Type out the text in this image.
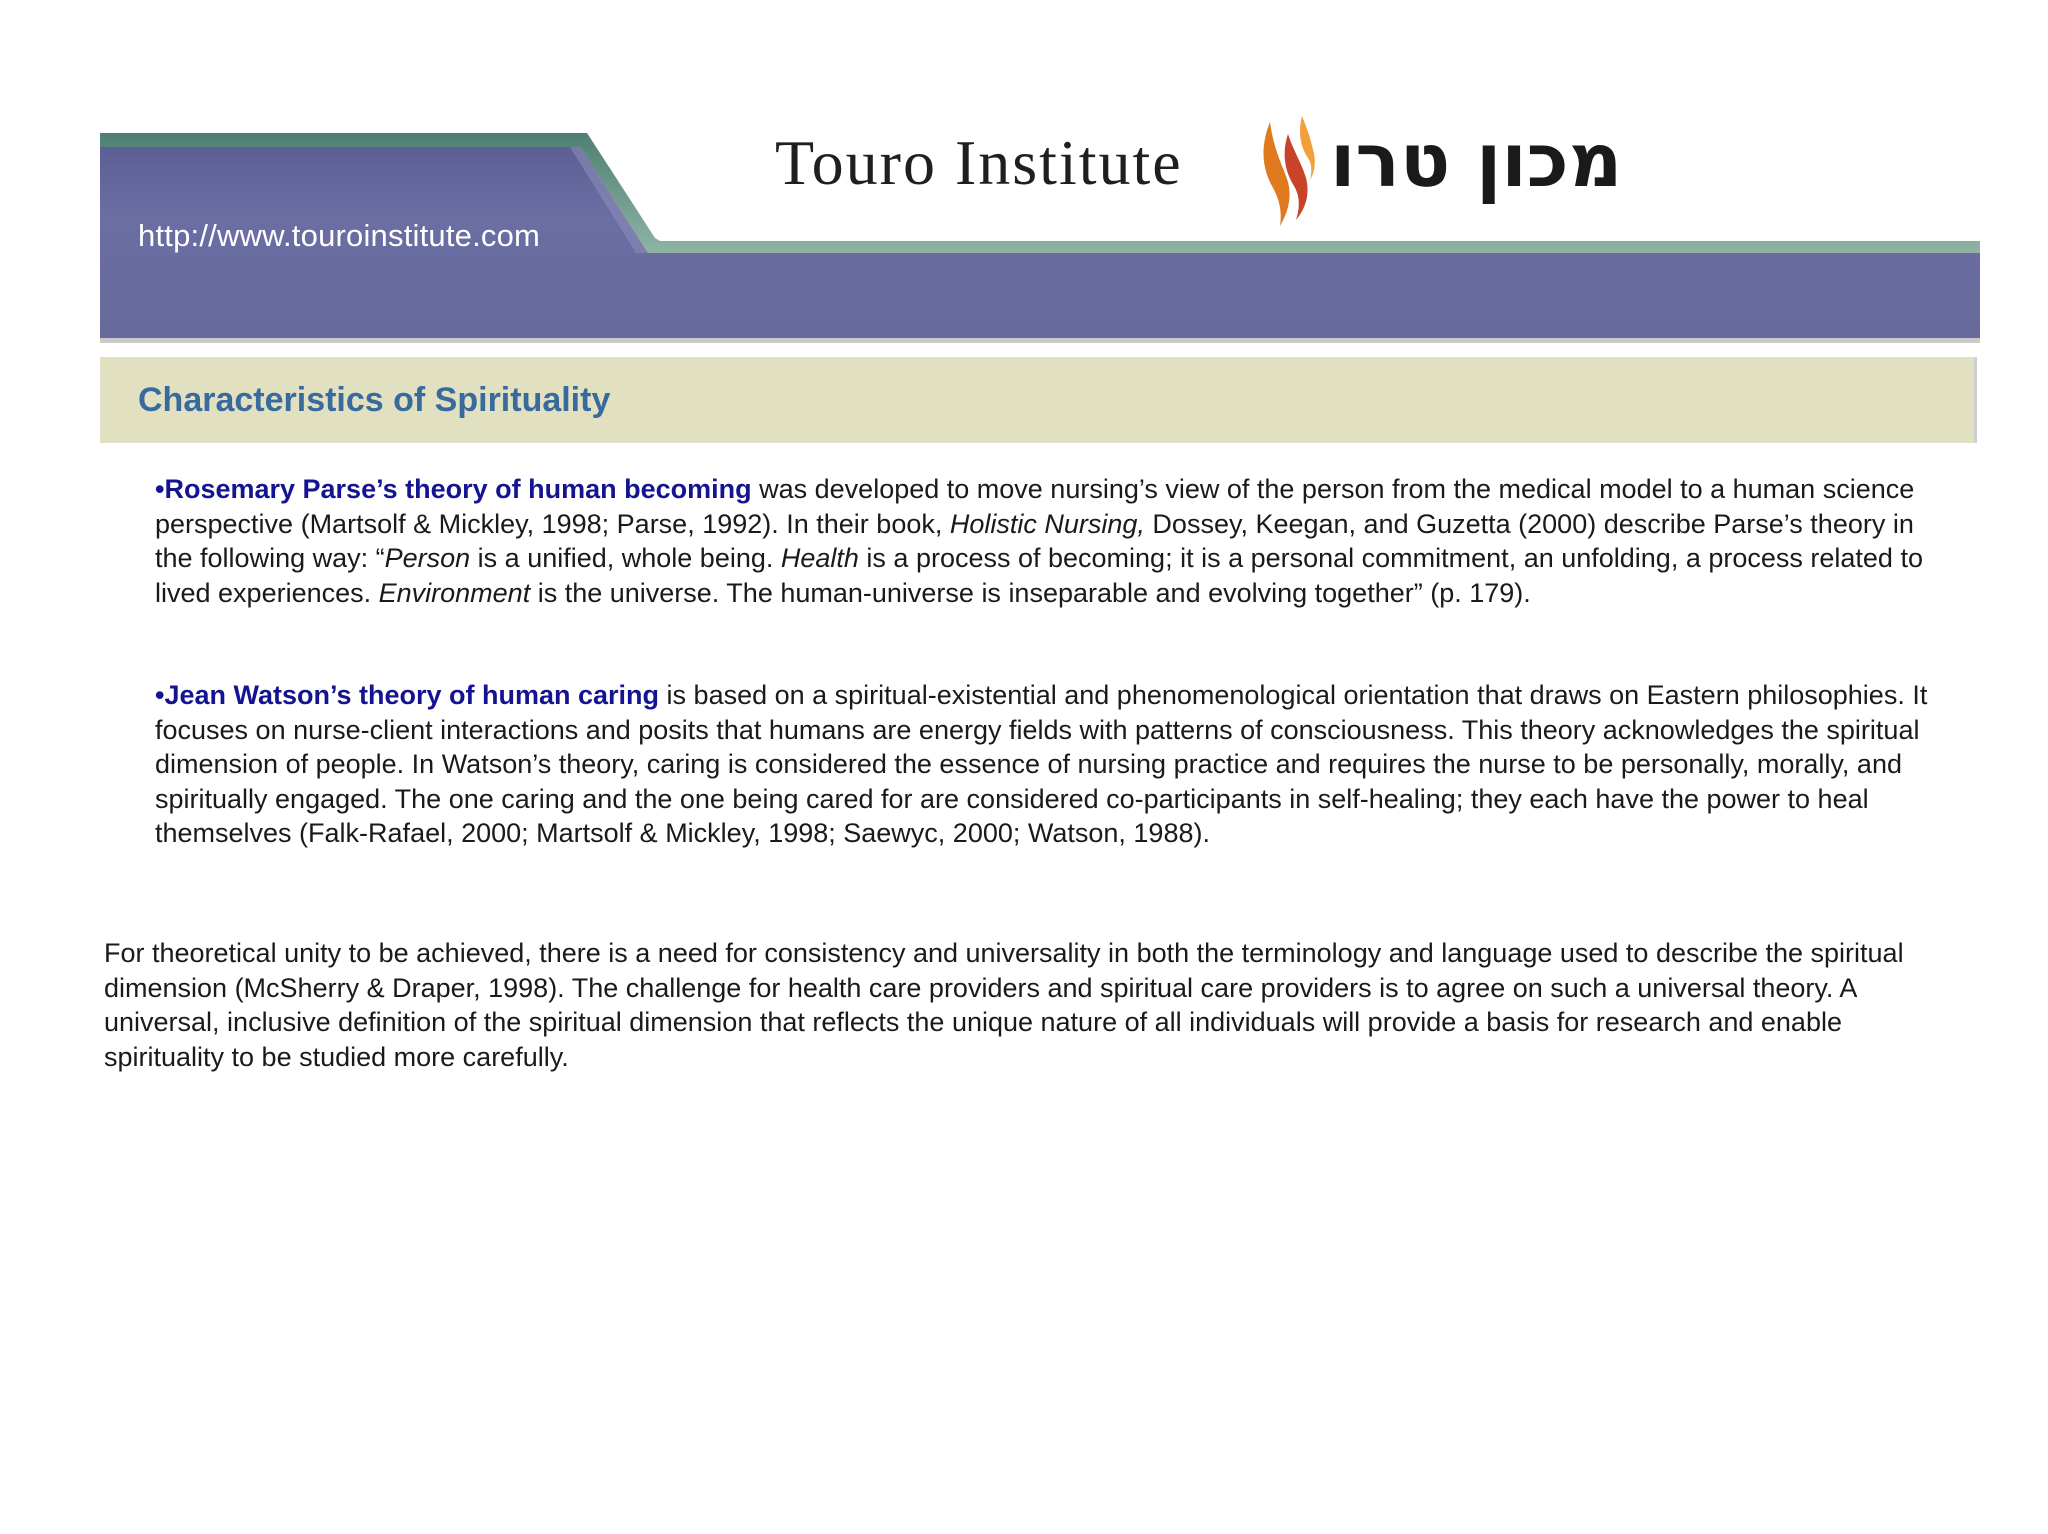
http://www.touroinstitute.com
Touro Institute מכון טרו
Characteristics of Spirituality
•Rosemary Parse’s theory of human becoming was developed to move nursing’s view of the person from the medical model to a human science perspective (Martsolf & Mickley, 1998; Parse, 1992). In their book, Holistic Nursing, Dossey, Keegan, and Guzetta (2000) describe Parse’s theory in the following way: “Person is a unified, whole being. Health is a process of becoming; it is a personal commitment, an unfolding, a process related to lived experiences. Environment is the universe. The human-universe is inseparable and evolving together” (p. 179).
•Jean Watson’s theory of human caring is based on a spiritual-existential and phenomenological orientation that draws on Eastern philosophies. It focuses on nurse-client interactions and posits that humans are energy fields with patterns of consciousness. This theory acknowledges the spiritual dimension of people. In Watson’s theory, caring is considered the essence of nursing practice and requires the nurse to be personally, morally, and spiritually engaged. The one caring and the one being cared for are considered co-participants in self-healing; they each have the power to heal themselves (Falk-Rafael, 2000; Martsolf & Mickley, 1998; Saewyc, 2000; Watson, 1988).
For theoretical unity to be achieved, there is a need for consistency and universality in both the terminology and language used to describe the spiritual dimension (McSherry & Draper, 1998). The challenge for health care providers and spiritual care providers is to agree on such a universal theory. A universal, inclusive definition of the spiritual dimension that reflects the unique nature of all individuals will provide a basis for research and enable spirituality to be studied more carefully.
